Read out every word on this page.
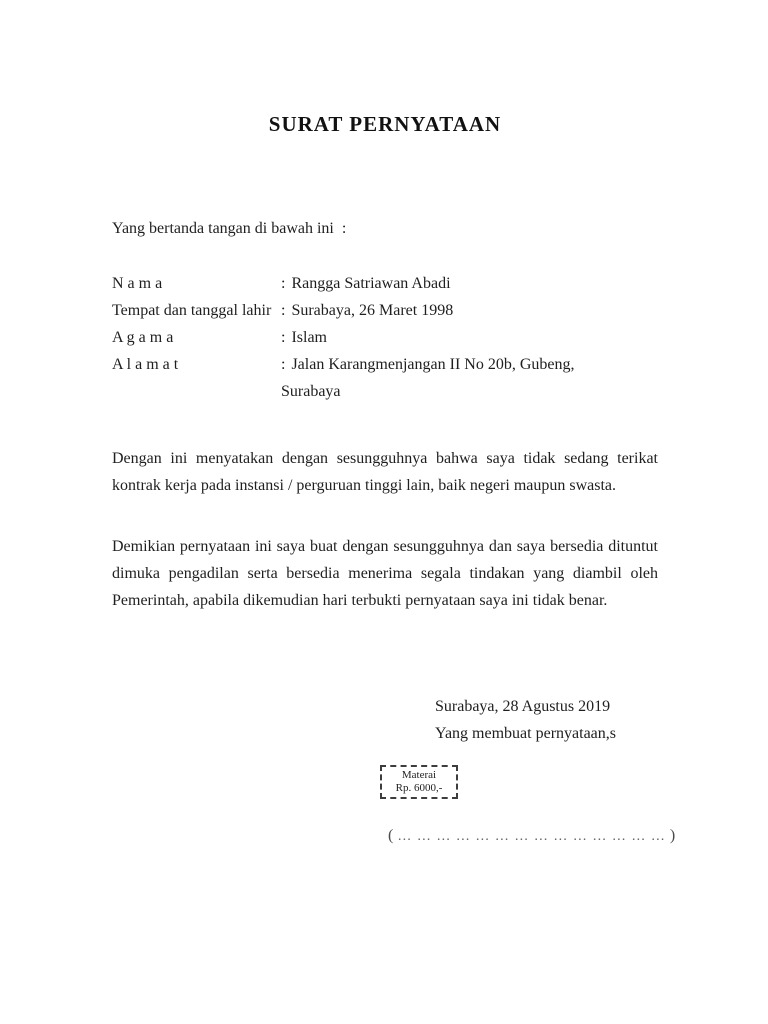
SURAT PERNYATAAN

Yang bertanda tangan di bawah ini  :

N a m a	: Rangga Satriawan Abadi
Tempat dan tanggal lahir : Surabaya, 26 Maret 1998
A g a m a	: Islam
A l a m a t	: Jalan Karangmenjangan II No 20b, Gubeng, Surabaya

Dengan ini menyatakan dengan sesungguhnya bahwa saya tidak sedang terikat kontrak kerja pada instansi / perguruan tinggi lain, baik negeri maupun swasta.

Demikian pernyataan ini saya buat dengan sesungguhnya dan saya bersedia dituntut dimuka pengadilan serta bersedia menerima segala tindakan yang diambil oleh Pemerintah, apabila dikemudian hari terbukti pernyataan saya ini tidak benar.

Surabaya, 28 Agustus 2019
Yang membuat pernyataan,s
Materai
Rp. 6000,-
( … … … … … … … … … … … … … … )
